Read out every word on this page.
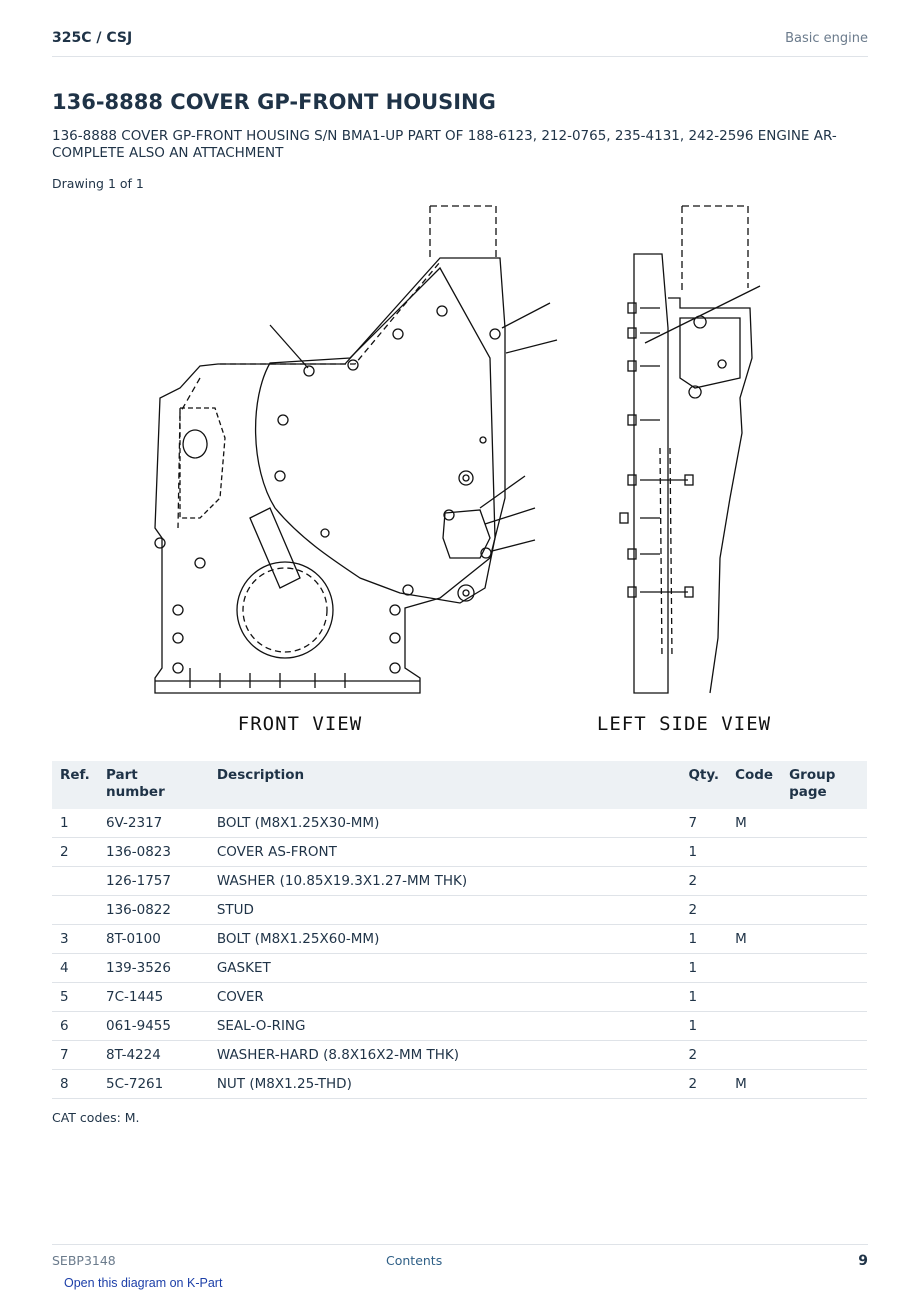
325C / CSJ	Basic engine
136-8888 COVER GP-FRONT HOUSING
136-8888 COVER GP-FRONT HOUSING S/N BMA1-UP PART OF 188-6123, 212-0765, 235-4131, 242-2596 ENGINE AR-COMPLETE ALSO AN ATTACHMENT
Drawing 1 of 1
FRONT VIEW	LEFT SIDE VIEW
Ref.	Part number	Description	Qty.	Code	Group page
1	6V-2317	BOLT (M8X1.25X30-MM)	7	M	
2	136-0823	COVER AS-FRONT	1		
	126-1757	WASHER (10.85X19.3X1.27-MM THK)	2		
	136-0822	STUD	2		
3	8T-0100	BOLT (M8X1.25X60-MM)	1	M	
4	139-3526	GASKET	1		
5	7C-1445	COVER	1		
6	061-9455	SEAL-O-RING	1		
7	8T-4224	WASHER-HARD (8.8X16X2-MM THK)	2		
8	5C-7261	NUT (M8X1.25-THD)	2	M	
CAT codes: M.
SEBP3148	Contents	9
Open this diagram on K-Part
